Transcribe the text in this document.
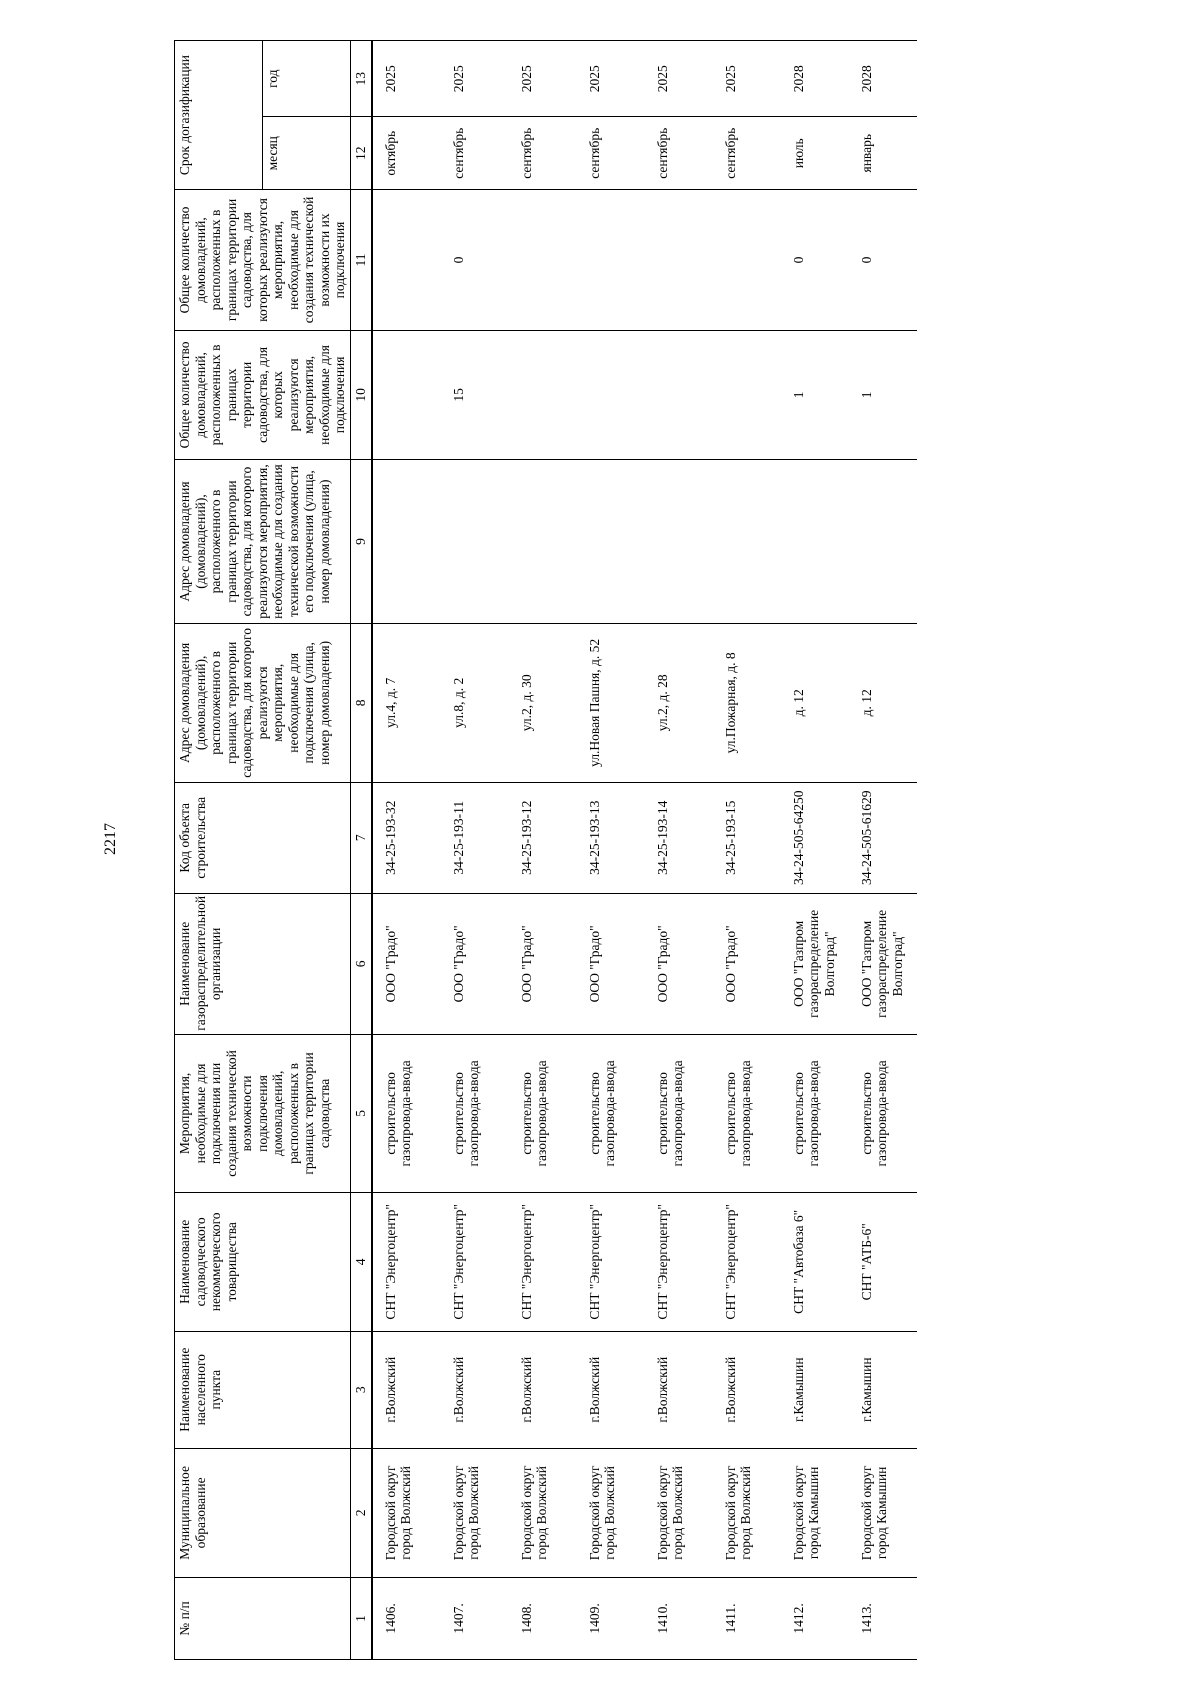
2217
№ п/п	Муниципальное образование	Наименование населенного пункта	Наименование садоводческого некоммерческого товарищества	Мероприятия, необходимые для подключения или создания технической возможности подключения домовладений, расположенных в границах территории садоводства	Наименование газораспределительной организации	Код объекта строительства	Адрес домовладения (домовладений), расположенного в границах территории садоводства, для которого реализуются мероприятия, необходимые для подключения (улица, номер домовладения)	Адрес домовладения (домовладений), расположенного в границах территории садоводства, для которого реализуются мероприятия, необходимые для создания технической возможности его подключения (улица, номер домовладения)	Общее количество домовладений, расположенных в границах территории садоводства, для которых реализуются мероприятия, необходимые для подключения	Общее количество домовладений, расположенных в границах территории садоводства, для которых реализуются мероприятия, необходимые для создания технической возможности их подключения	Срок догазификации	
											месяц	год
1	2	3	4	5	6	7	8	9	10	11	12	13
1406.	Городской округ город Волжский	г.Волжский	СНТ "Энергоцентр"	строительство газопровода-ввода	ООО "Градо"	34-25-193-32	ул.4, д. 7				октябрь	2025
1407.	Городской округ город Волжский	г.Волжский	СНТ "Энергоцентр"	строительство газопровода-ввода	ООО "Градо"	34-25-193-11	ул.8, д. 2		15	0	сентябрь	2025
1408.	Городской округ город Волжский	г.Волжский	СНТ "Энергоцентр"	строительство газопровода-ввода	ООО "Градо"	34-25-193-12	ул.2, д. 30				сентябрь	2025
1409.	Городской округ город Волжский	г.Волжский	СНТ "Энергоцентр"	строительство газопровода-ввода	ООО "Градо"	34-25-193-13	ул.Новая Пашня, д. 52				сентябрь	2025
1410.	Городской округ город Волжский	г.Волжский	СНТ "Энергоцентр"	строительство газопровода-ввода	ООО "Градо"	34-25-193-14	ул.2, д. 28				сентябрь	2025
1411.	Городской округ город Волжский	г.Волжский	СНТ "Энергоцентр"	строительство газопровода-ввода	ООО "Градо"	34-25-193-15	ул.Пожарная, д. 8				сентябрь	2025
1412.	Городской округ город Камышин	г.Камышин	СНТ "Автобаза 6"	строительство газопровода-ввода	ООО "Газпром газораспределение Волгоград"	34-24-505-64250	д. 12		1	0	июль	2028
1413.	Городской округ город Камышин	г.Камышин	СНТ "АТБ-6"	строительство газопровода-ввода	ООО "Газпром газораспределение Волгоград"	34-24-505-61629	д. 12		1	0	январь	2028
